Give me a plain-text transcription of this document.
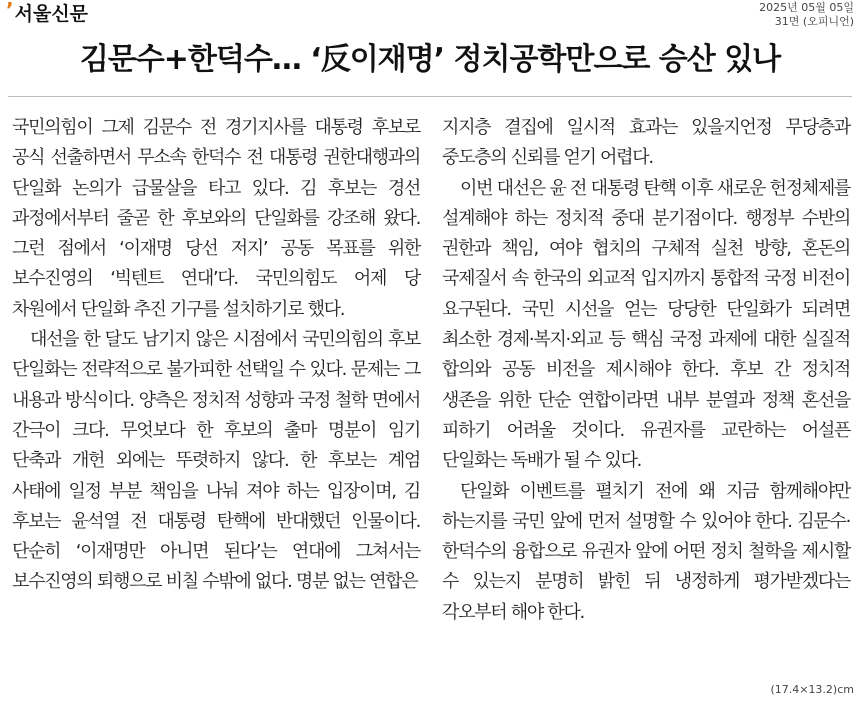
’ 서울신문	2025년 05월 05일
31면 (오피니언)
김문수+한덕수… ‘反이재명’ 정치공학만으로 승산 있나

국민의힘이 그제 김문수 전 경기지사를 대통령 후보로 공식 선출하면서 무소속 한덕수 전 대통령 권한대행과의 단일화 논의가 급물살을 타고 있다. 김 후보는 경선 과정에서부터 줄곧 한 후보와의 단일화를 강조해 왔다. 그런 점에서 ‘이재명 당선 저지’ 공동 목표를 위한 보수진영의 ‘빅텐트 연대’다. 국민의힘도 어제 당 차원에서 단일화 추진 기구를 설치하기로 했다.

대선을 한 달도 남기지 않은 시점에서 국민의힘의 후보 단일화는 전략적으로 불가피한 선택일 수 있다. 문제는 그 내용과 방식이다. 양측은 정치적 성향과 국정 철학 면에서 간극이 크다. 무엇보다 한 후보의 출마 명분이 임기 단축과 개헌 외에는 뚜렷하지 않다. 한 후보는 계엄 사태에 일정 부분 책임을 나눠 져야 하는 입장이며, 김 후보는 윤석열 전 대통령 탄핵에 반대했던 인물이다. 단순히 ‘이재명만 아니면 된다’는 연대에 그쳐서는 보수진영의 퇴행으로 비칠 수밖에 없다. 명분 없는 연합은

지지층 결집에 일시적 효과는 있을지언정 무당층과 중도층의 신뢰를 얻기 어렵다.

이번 대선은 윤 전 대통령 탄핵 이후 새로운 헌정체제를 설계해야 하는 정치적 중대 분기점이다. 행정부 수반의 권한과 책임, 여야 협치의 구체적 실천 방향, 혼돈의 국제질서 속 한국의 외교적 입지까지 통합적 국정 비전이 요구된다. 국민 시선을 얻는 당당한 단일화가 되려면 최소한 경제·복지·외교 등 핵심 국정 과제에 대한 실질적 합의와 공동 비전을 제시해야 한다. 후보 간 정치적 생존을 위한 단순 연합이라면 내부 분열과 정책 혼선을 피하기 어려울 것이다. 유권자를 교란하는 어설픈 단일화는 독배가 될 수 있다.

단일화 이벤트를 펼치기 전에 왜 지금 함께해야만 하는지를 국민 앞에 먼저 설명할 수 있어야 한다. 김문수·한덕수의 융합으로 유권자 앞에 어떤 정치 철학을 제시할 수 있는지 분명히 밝힌 뒤 냉정하게 평가받겠다는 각오부터 해야 한다.

(17.4×13.2)cm
